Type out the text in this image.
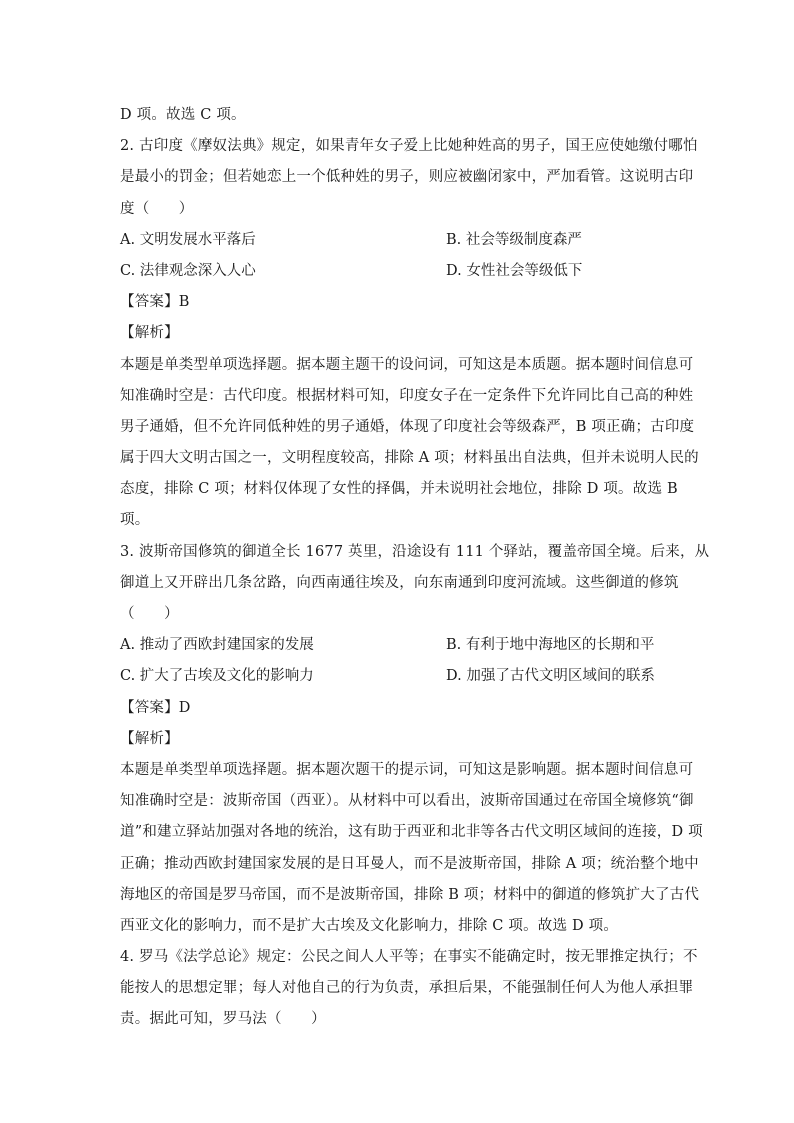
D 项。故选 C 项。
2. 古印度《摩奴法典》规定，如果青年女子爱上比她种姓高的男子，国王应使她缴付哪怕
是最小的罚金；但若她恋上一个低种姓的男子，则应被幽闭家中，严加看管。这说明古印
度（　　）
A. 文明发展水平落后	B. 社会等级制度森严
C. 法律观念深入人心	D. 女性社会等级低下
【答案】B
【解析】
本题是单类型单项选择题。据本题主题干的设问词，可知这是本质题。据本题时间信息可
知准确时空是：古代印度。根据材料可知，印度女子在一定条件下允许同比自己高的种姓
男子通婚，但不允许同低种姓的男子通婚，体现了印度社会等级森严，B 项正确；古印度
属于四大文明古国之一，文明程度较高，排除 A 项；材料虽出自法典，但并未说明人民的
态度，排除 C 项；材料仅体现了女性的择偶，并未说明社会地位，排除 D 项。故选 B
项。
3. 波斯帝国修筑的御道全长 1677 英里，沿途设有 111 个驿站，覆盖帝国全境。后来，从
御道上又开辟出几条岔路，向西南通往埃及，向东南通到印度河流域。这些御道的修筑
（　　）
A. 推动了西欧封建国家的发展	B. 有利于地中海地区的长期和平
C. 扩大了古埃及文化的影响力	D. 加强了古代文明区域间的联系
【答案】D
【解析】
本题是单类型单项选择题。据本题次题干的提示词，可知这是影响题。据本题时间信息可
知准确时空是：波斯帝国（西亚）。从材料中可以看出，波斯帝国通过在帝国全境修筑“御
道”和建立驿站加强对各地的统治，这有助于西亚和北非等各古代文明区域间的连接，D 项
正确；推动西欧封建国家发展的是日耳曼人，而不是波斯帝国，排除 A 项；统治整个地中
海地区的帝国是罗马帝国，而不是波斯帝国，排除 B 项；材料中的御道的修筑扩大了古代
西亚文化的影响力，而不是扩大古埃及文化影响力，排除 C 项。故选 D 项。
4. 罗马《法学总论》规定：公民之间人人平等；在事实不能确定时，按无罪推定执行；不
能按人的思想定罪；每人对他自己的行为负责，承担后果，不能强制任何人为他人承担罪
责。据此可知，罗马法（　　）
